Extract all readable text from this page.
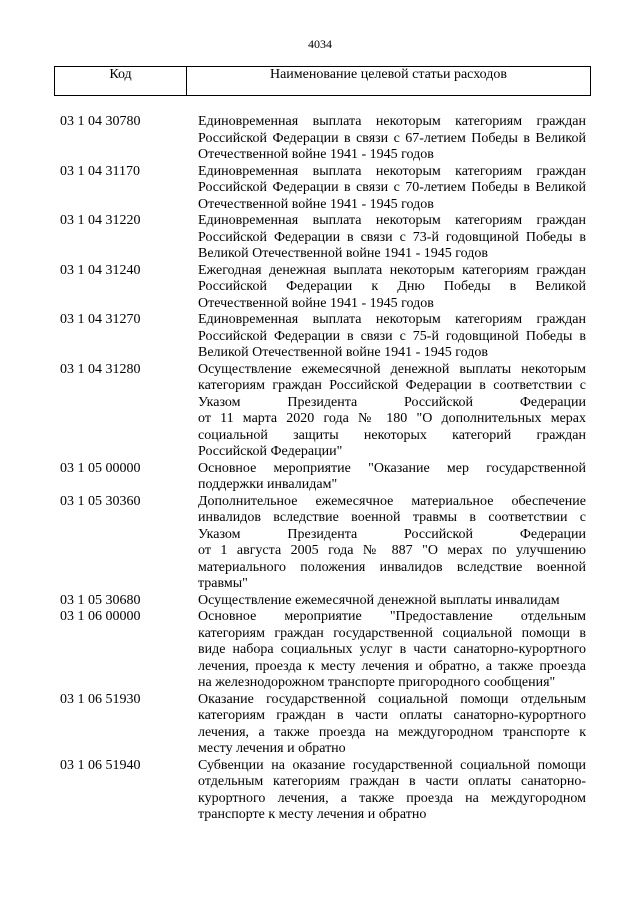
4034
Код	Наименование целевой статьи расходов
03 1 04 30780	Единовременная выплата некоторым категориям граждан
Российской Федерации в связи с 67-летием Победы в Великой
Отечественной войне 1941 - 1945 годов
03 1 04 31170	Единовременная выплата некоторым категориям граждан
Российской Федерации в связи с 70-летием Победы в Великой
Отечественной войне 1941 - 1945 годов
03 1 04 31220	Единовременная выплата некоторым категориям граждан
Российской Федерации в связи с 73-й годовщиной Победы в
Великой Отечественной войне 1941 - 1945 годов
03 1 04 31240	Ежегодная денежная выплата некоторым категориям граждан
Российской Федерации к Дню Победы в Великой
Отечественной войне 1941 - 1945 годов
03 1 04 31270	Единовременная выплата некоторым категориям граждан
Российской Федерации в связи с 75-й годовщиной Победы в
Великой Отечественной войне 1941 - 1945 годов
03 1 04 31280	Осуществление ежемесячной денежной выплаты некоторым
категориям граждан Российской Федерации в соответствии с
Указом Президента Российской Федерации
от 11 марта 2020 года № 180 "О дополнительных мерах
социальной защиты некоторых категорий граждан
Российской Федерации"
03 1 05 00000	Основное мероприятие "Оказание мер государственной
поддержки инвалидам"
03 1 05 30360	Дополнительное ежемесячное материальное обеспечение
инвалидов вследствие военной травмы в соответствии с
Указом Президента Российской Федерации
от 1 августа 2005 года № 887 "О мерах по улучшению
материального положения инвалидов вследствие военной
травмы"
03 1 05 30680	Осуществление ежемесячной денежной выплаты инвалидам
03 1 06 00000	Основное мероприятие "Предоставление отдельным
категориям граждан государственной социальной помощи в
виде набора социальных услуг в части санаторно-курортного
лечения, проезда к месту лечения и обратно, а также проезда
на железнодорожном транспорте пригородного сообщения"
03 1 06 51930	Оказание государственной социальной помощи отдельным
категориям граждан в части оплаты санаторно-курортного
лечения, а также проезда на междугородном транспорте к
месту лечения и обратно
03 1 06 51940	Субвенции на оказание государственной социальной помощи
отдельным категориям граждан в части оплаты санаторно-
курортного лечения, а также проезда на междугородном
транспорте к месту лечения и обратно
